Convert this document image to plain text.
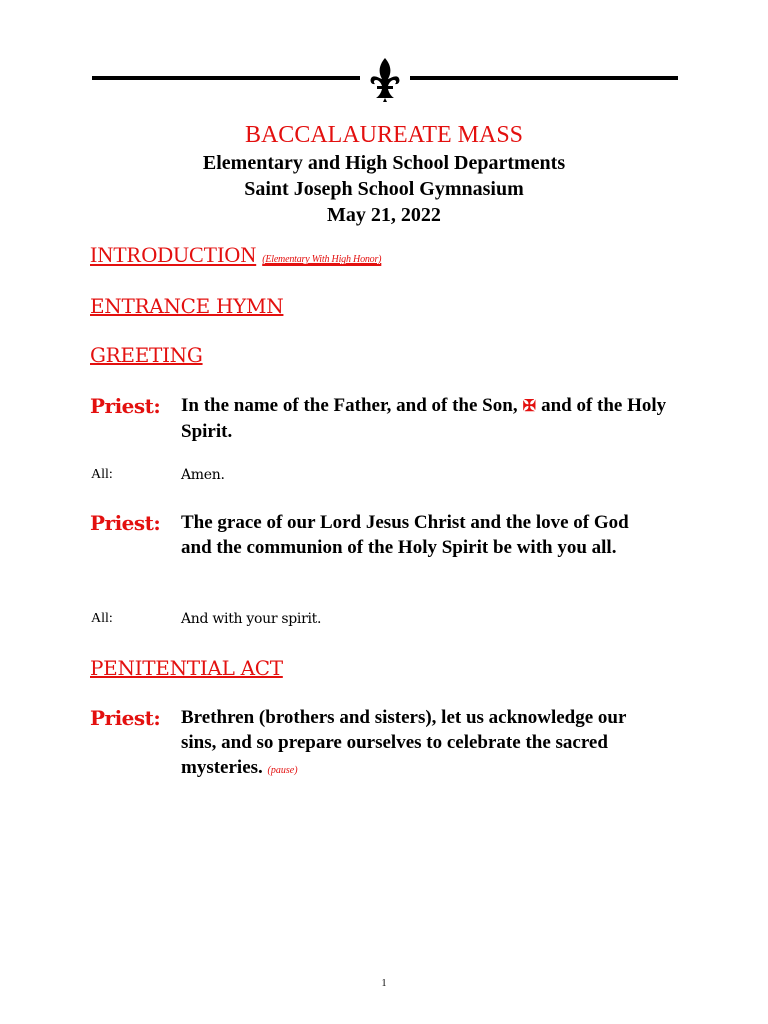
BACCALAUREATE MASS

Elementary and High School Departments

Saint Joseph School Gymnasium

May 21, 2022

INTRODUCTION (Elementary With High Honor)
ENTRANCE HYMN
GREETING
Priest: In the name of the Father, and of the Son, ✠ and of the Holy Spirit.
All:	Amen.
Priest: The grace of our Lord Jesus Christ and the love of God and the communion of the Holy Spirit be with you all.
All:	And with your spirit.
PENITENTIAL ACT
Priest: Brethren (brothers and sisters), let us acknowledge our sins, and so prepare ourselves to celebrate the sacred mysteries. (pause)
1
